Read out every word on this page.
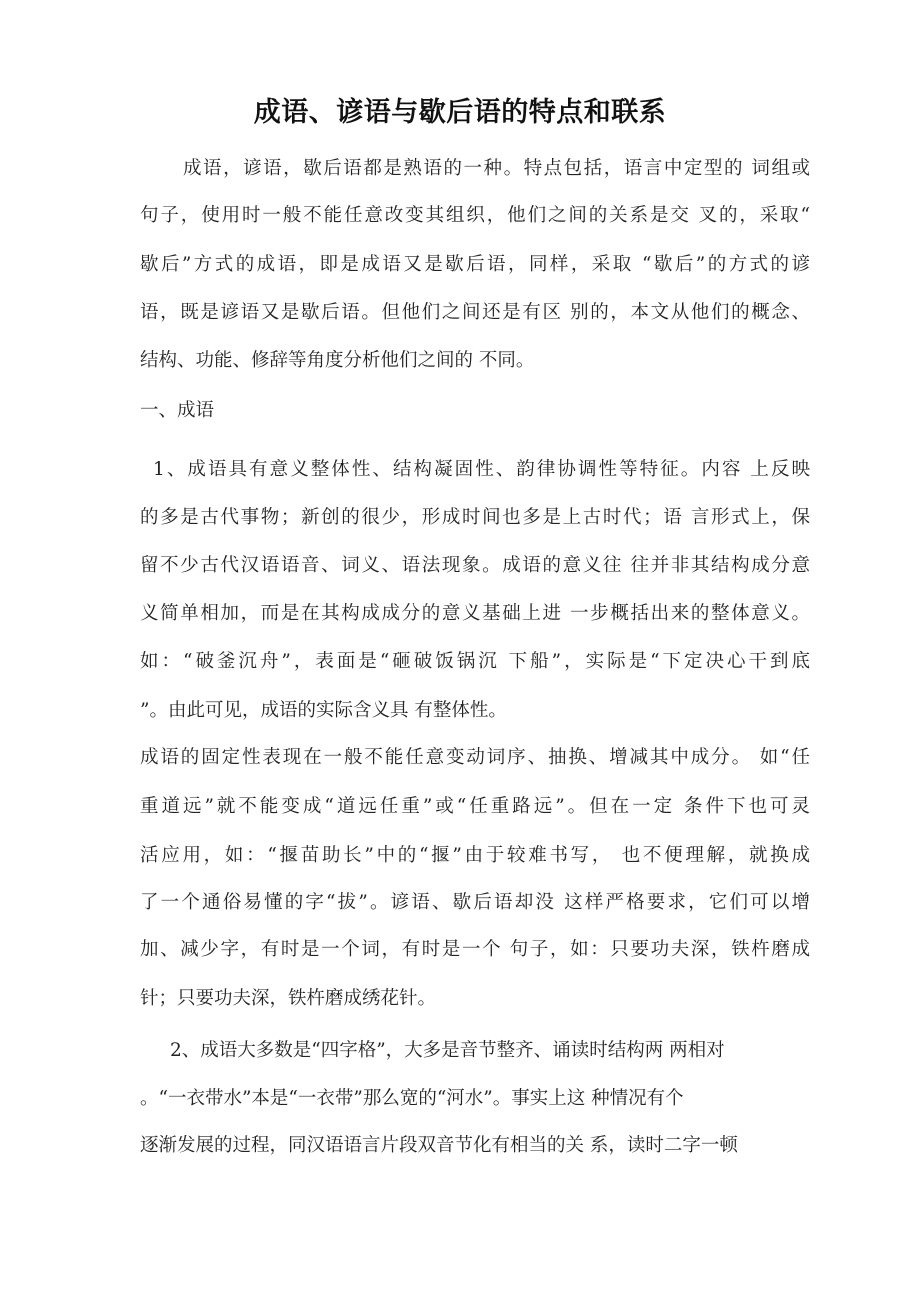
成语、谚语与歇后语的特点和联系
成语，谚语，歇后语都是熟语的一种。特点包括，语言中定型的 词组或
句子，使用时一般不能任意改变其组织，他们之间的关系是交 叉的，采取“
歇后”方式的成语，即是成语又是歇后语，同样，采取 “歇后”的方式的谚
语，既是谚语又是歇后语。但他们之间还是有区 别的，本文从他们的概念、
结构、功能、修辞等角度分析他们之间的 不同。
一、成语
1、成语具有意义整体性、结构凝固性、韵律协调性等特征。内容 上反映
的多是古代事物；新创的很少，形成时间也多是上古时代；语 言形式上，保
留不少古代汉语语音、词义、语法现象。成语的意义往 往并非其结构成分意
义简单相加，而是在其构成成分的意义基础上进 一步概括出来的整体意义。
如：“破釜沉舟”，表面是“砸破饭锅沉 下船”，实际是“下定决心干到底
”。由此可见，成语的实际含义具 有整体性。
成语的固定性表现在一般不能任意变动词序、抽换、增减其中成分。 如“任
重道远”就不能变成“道远任重”或“任重路远”。但在一定 条件下也可灵
活应用，如：“揠苗助长”中的“揠”由于较难书写， 也不便理解，就换成
了一个通俗易懂的字“拔”。谚语、歇后语却没 这样严格要求，它们可以增
加、减少字，有时是一个词，有时是一个 句子，如：只要功夫深，铁杵磨成
针；只要功夫深，铁杵磨成绣花针。
2、成语大多数是“四字格”，大多是音节整齐、诵读时结构两 两相对
。“一衣带水”本是“一衣带”那么宽的“河水”。事实上这 种情况有个
逐渐发展的过程，同汉语语言片段双音节化有相当的关 系，读时二字一顿
